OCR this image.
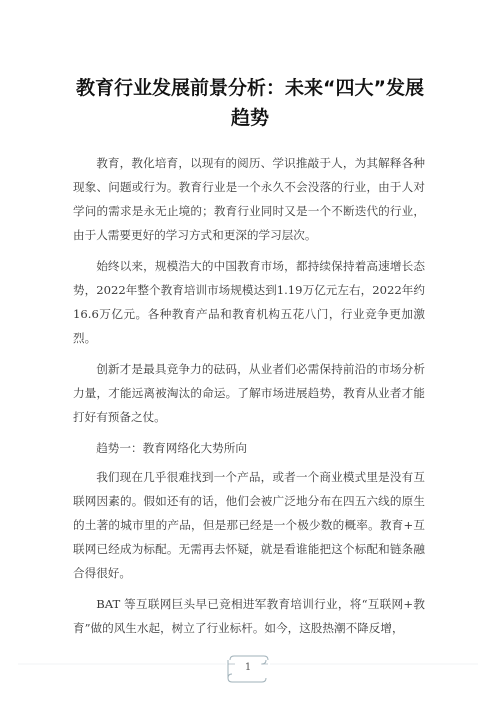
教育行业发展前景分析：未来“四大”发展趋势

教育，教化培育，以现有的阅历、学识推敲于人，为其解释各种现象、问题或行为。教育行业是一个永久不会没落的行业，由于人对学问的需求是永无止境的；教育行业同时又是一个不断迭代的行业，由于人需要更好的学习方式和更深的学习层次。

始终以来，规模浩大的中国教育市场，都持续保持着高速增长态势，2022年整个教育培训市场规模达到1.19万亿元左右，2022年约16.6万亿元。各种教育产品和教育机构五花八门，行业竞争更加激烈。

创新才是最具竞争力的砝码，从业者们必需保持前沿的市场分析力量，才能远离被淘汰的命运。了解市场进展趋势，教育从业者才能打好有预备之仗。

趋势一：教育网络化大势所向

我们现在几乎很难找到一个产品，或者一个商业模式里是没有互联网因素的。假如还有的话，他们会被广泛地分布在四五六线的原生的土著的城市里的产品，但是那已经是一个极少数的概率。教育+互联网已经成为标配。无需再去怀疑，就是看谁能把这个标配和链条融合得很好。

BAT 等互联网巨头早已竞相进军教育培训行业，将“互联网+教育”做的风生水起，树立了行业标杆。如今，这股热潮不降反增，

1
